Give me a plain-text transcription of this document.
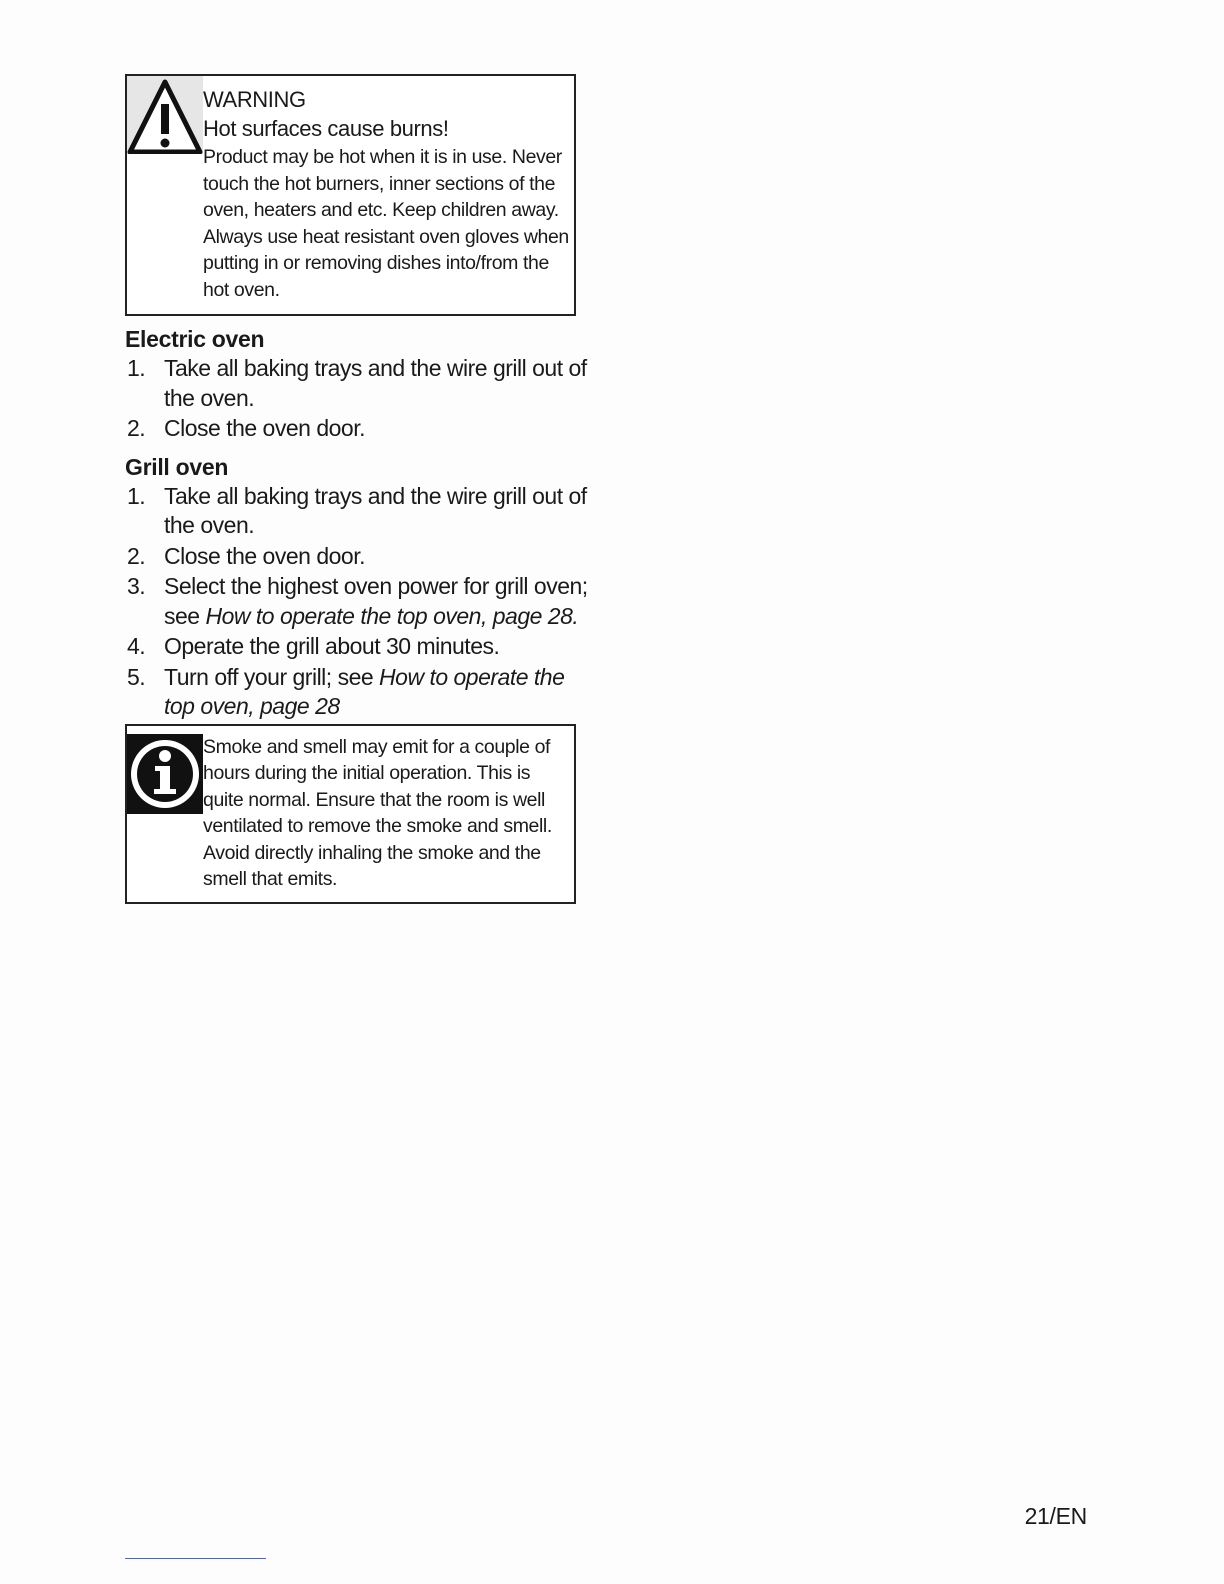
WARNING
Hot surfaces cause burns!
Product may be hot when it is in use. Never touch the hot burners, inner sections of the oven, heaters and etc. Keep children away. Always use heat resistant oven gloves when putting in or removing dishes into/from the hot oven.
Electric oven
1. Take all baking trays and the wire grill out of the oven.
2. Close the oven door.
Grill oven
1. Take all baking trays and the wire grill out of the oven.
2. Close the oven door.
3. Select the highest oven power for grill oven; see How to operate the top oven, page 28.
4. Operate the grill about 30 minutes.
5. Turn off your grill; see How to operate the top oven, page 28
Smoke and smell may emit for a couple of hours during the initial operation. This is quite normal. Ensure that the room is well ventilated to remove the smoke and smell. Avoid directly inhaling the smoke and the smell that emits.
21/EN
